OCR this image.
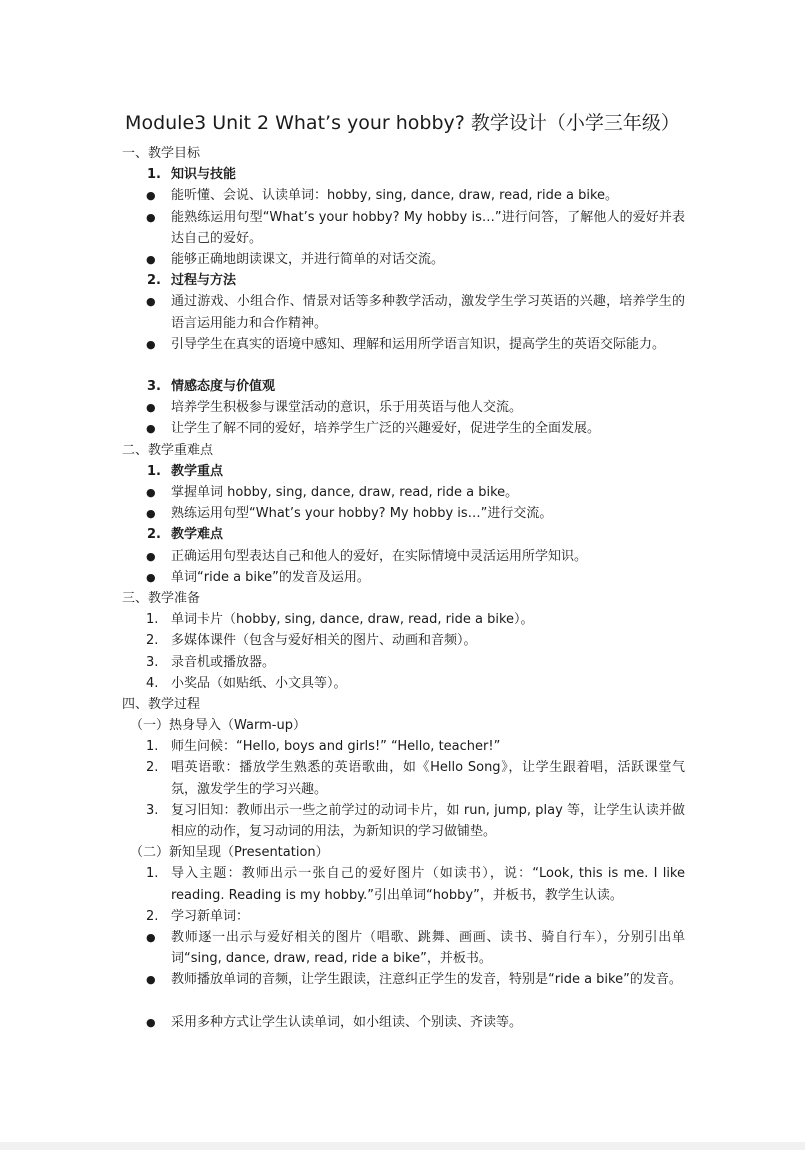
Module3 Unit 2 What’s your hobby? 教学设计（小学三年级）
一、教学目标
1. 知识与技能
● 能听懂、会说、认读单词：hobby, sing, dance, draw, read, ride a bike。
● 能熟练运用句型“What’s your hobby? My hobby is…”进行问答，了解他人的爱好并表达自己的爱好。
● 能够正确地朗读课文，并进行简单的对话交流。
2. 过程与方法
● 通过游戏、小组合作、情景对话等多种教学活动，激发学生学习英语的兴趣，培养学生的语言运用能力和合作精神。
● 引导学生在真实的语境中感知、理解和运用所学语言知识，提高学生的英语交际能力。
3. 情感态度与价值观
● 培养学生积极参与课堂活动的意识，乐于用英语与他人交流。
● 让学生了解不同的爱好，培养学生广泛的兴趣爱好，促进学生的全面发展。
二、教学重难点
1. 教学重点
● 掌握单词 hobby, sing, dance, draw, read, ride a bike。
● 熟练运用句型“What’s your hobby? My hobby is…”进行交流。
2. 教学难点
● 正确运用句型表达自己和他人的爱好，在实际情境中灵活运用所学知识。
● 单词“ride a bike”的发音及运用。
三、教学准备
1. 单词卡片（hobby, sing, dance, draw, read, ride a bike）。
2. 多媒体课件（包含与爱好相关的图片、动画和音频）。
3. 录音机或播放器。
4. 小奖品（如贴纸、小文具等）。
四、教学过程
（一）热身导入（Warm-up）
1. 师生问候：“Hello, boys and girls!” “Hello, teacher!”
2. 唱英语歌：播放学生熟悉的英语歌曲，如《Hello Song》，让学生跟着唱，活跃课堂气氛，激发学生的学习兴趣。
3. 复习旧知：教师出示一些之前学过的动词卡片，如 run, jump, play 等，让学生认读并做相应的动作，复习动词的用法，为新知识的学习做铺垫。
（二）新知呈现（Presentation）
1. 导入主题：教师出示一张自己的爱好图片（如读书），说：“Look, this is me. I like reading. Reading is my hobby.”引出单词“hobby”，并板书，教学生认读。
2. 学习新单词：
● 教师逐一出示与爱好相关的图片（唱歌、跳舞、画画、读书、骑自行车），分别引出单词“sing, dance, draw, read, ride a bike”，并板书。
● 教师播放单词的音频，让学生跟读，注意纠正学生的发音，特别是“ride a bike”的发音。
● 采用多种方式让学生认读单词，如小组读、个别读、齐读等。
